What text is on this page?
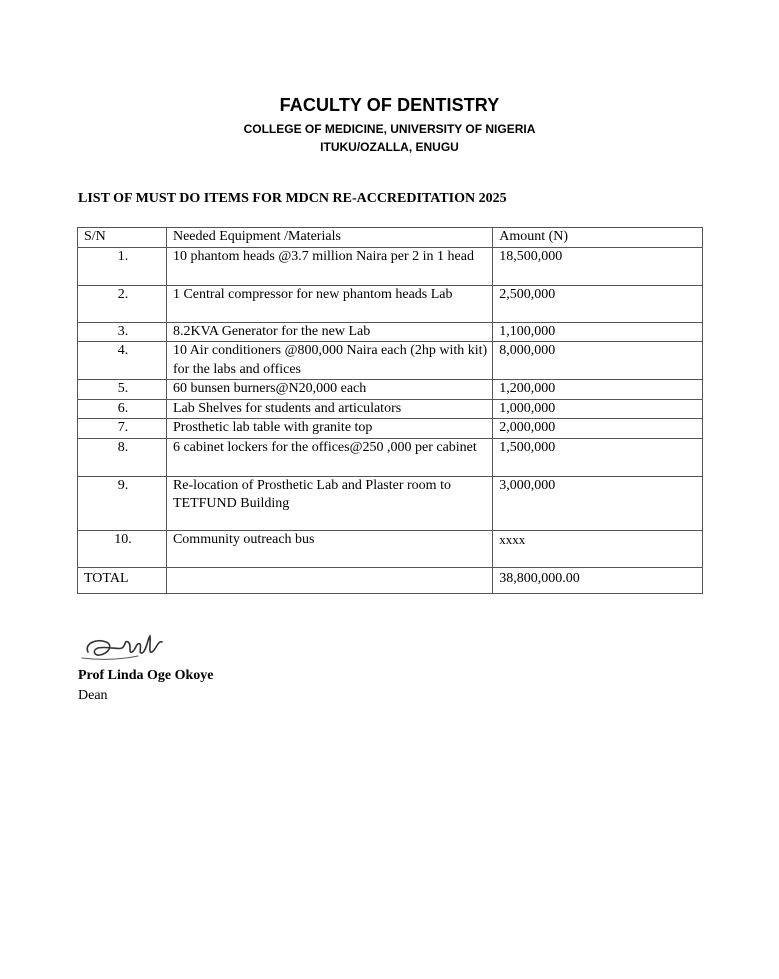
FACULTY OF DENTISTRY
COLLEGE OF MEDICINE, UNIVERSITY OF NIGERIA
ITUKU/OZALLA, ENUGU
LIST OF MUST DO ITEMS FOR MDCN RE-ACCREDITATION 2025
S/N	Needed Equipment /Materials	Amount (N)
1.	10 phantom heads @3.7 million Naira per 2 in 1 head	18,500,000
2.	1 Central compressor for new phantom heads Lab	2,500,000
3.	8.2KVA Generator for the new Lab	1,100,000
4.	10 Air conditioners @800,000 Naira each (2hp with kit) for the labs and offices	8,000,000
5.	60 bunsen burners@N20,000 each	1,200,000
6.	Lab Shelves for students and articulators	1,000,000
7.	Prosthetic lab table with granite top	2,000,000
8.	6 cabinet lockers for the offices@250 ,000 per cabinet	1,500,000
9.	Re-location of Prosthetic Lab and Plaster room to TETFUND Building	3,000,000
10.	Community outreach bus	xxxx
TOTAL		38,800,000.00
Prof Linda Oge Okoye
Dean
